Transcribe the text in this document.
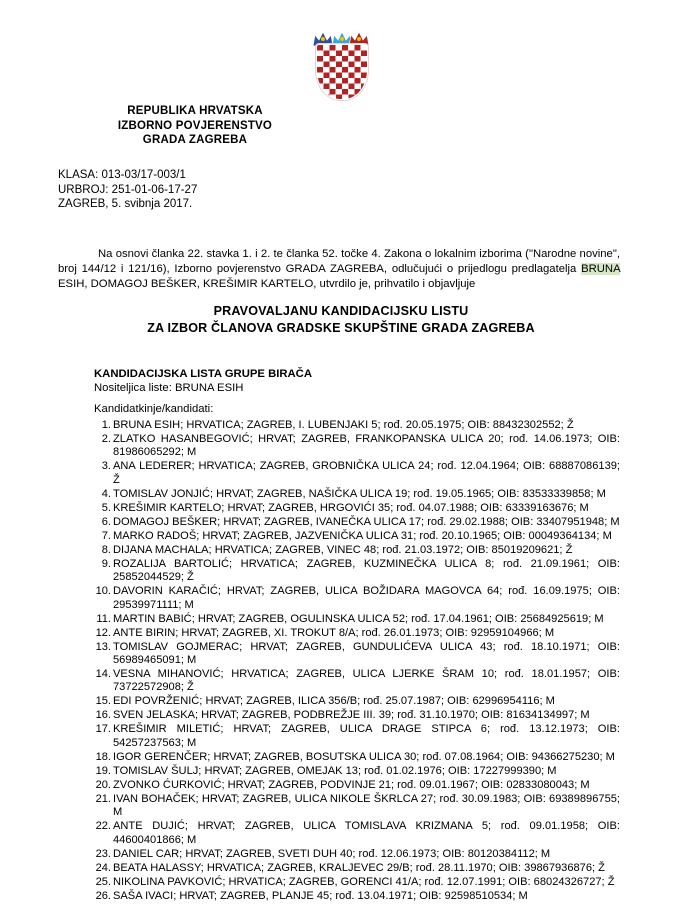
REPUBLIKA HRVATSKA
IZBORNO POVJERENSTVO
GRADA ZAGREBA
KLASA: 013-03/17-003/1
URBROJ: 251-01-06-17-27
ZAGREB, 5. svibnja 2017.

Na osnovi članka 22. stavka 1. i 2. te članka 52. točke 4. Zakona o lokalnim izborima ("Narodne novine", broj 144/12 i 121/16), Izborno povjerenstvo GRADA ZAGREBA, odlučujući o prijedlogu predlagatelja BRUNA ESIH, DOMAGOJ BEŠKER, KREŠIMIR KARTELO, utvrdilo je, prihvatilo i objavljuje

PRAVOVALJANU KANDIDACIJSKU LISTU
ZA IZBOR ČLANOVA GRADSKE SKUPŠTINE GRADA ZAGREBA
KANDIDACIJSKA LISTA GRUPE BIRAČA
Nositeljica liste: BRUNA ESIH
Kandidatkinje/kandidati:
1. BRUNA ESIH; HRVATICA; ZAGREB, I. LUBENJAKI 5; rođ. 20.05.1975; OIB: 88432302552; Ž
2. ZLATKO HASANBEGOVIĆ; HRVAT; ZAGREB, FRANKOPANSKA ULICA 20; rođ. 14.06.1973; OIB: 81986065292; M
3. ANA LEDERER; HRVATICA; ZAGREB, GROBNIČKA ULICA 24; rođ. 12.04.1964; OIB: 68887086139; Ž
4. TOMISLAV JONJIĆ; HRVAT; ZAGREB, NAŠIČKA ULICA 19; rođ. 19.05.1965; OIB: 83533339858; M
5. KREŠIMIR KARTELO; HRVAT; ZAGREB, HRGOVIĆI 35; rođ. 04.07.1988; OIB: 63339163676; M
6. DOMAGOJ BEŠKER; HRVAT; ZAGREB, IVANEČKA ULICA 17; rođ. 29.02.1988; OIB: 33407951948; M
7. MARKO RADOŠ; HRVAT; ZAGREB, JAZVENIČKA ULICA 31; rođ. 20.10.1965; OIB: 00049364134; M
8. DIJANA MACHALA; HRVATICA; ZAGREB, VINEC 48; rođ. 21.03.1972; OIB: 85019209621; Ž
9. ROZALIJA BARTOLIĆ; HRVATICA; ZAGREB, KUZMINEČKA ULICA 8; rođ. 21.09.1961; OIB: 25852044529; Ž
10. DAVORIN KARAČIĆ; HRVAT; ZAGREB, ULICA BOŽIDARA MAGOVCA 64; rođ. 16.09.1975; OIB: 29539971111; M
11. MARTIN BABIĆ; HRVAT; ZAGREB, OGULINSKA ULICA 52; rođ. 17.04.1961; OIB: 25684925619; M
12. ANTE BIRIN; HRVAT; ZAGREB, XI. TROKUT 8/A; rođ. 26.01.1973; OIB: 92959104966; M
13. TOMISLAV GOJMERAC; HRVAT; ZAGREB, GUNDULIĆEVA ULICA 43; rođ. 18.10.1971; OIB: 56989465091; M
14. VESNA MIHANOVIĆ; HRVATICA; ZAGREB, ULICA LJERKE ŠRAM 10; rođ. 18.01.1957; OIB: 73722572908; Ž
15. EDI POVRŽENIĆ; HRVAT; ZAGREB, ILICA 356/B; rođ. 25.07.1987; OIB: 62996954116; M
16. SVEN JELASKA; HRVAT; ZAGREB, PODBREŽJE III. 39; rođ. 31.10.1970; OIB: 81634134997; M
17. KREŠIMIR MILETIĆ; HRVAT; ZAGREB, ULICA DRAGE STIPCA 6; rođ. 13.12.1973; OIB: 54257237563; M
18. IGOR GERENČER; HRVAT; ZAGREB, BOSUTSKA ULICA 30; rođ. 07.08.1964; OIB: 94366275230; M
19. TOMISLAV ŠULJ; HRVAT; ZAGREB, OMEJAK 13; rođ. 01.02.1976; OIB: 17227999390; M
20. ZVONKO ĆURKOVIĆ; HRVAT; ZAGREB, PODVINJE 21; rođ. 09.01.1967; OIB: 02833080043; M
21. IVAN BOHAČEK; HRVAT; ZAGREB, ULICA NIKOLE ŠKRLCA 27; rođ. 30.09.1983; OIB: 69389896755; M
22. ANTE DUJIĆ; HRVAT; ZAGREB, ULICA TOMISLAVA KRIZMANA 5; rođ. 09.01.1958; OIB: 44600401866; M
23. DANIEL CAR; HRVAT; ZAGREB, SVETI DUH 40; rođ. 12.06.1973; OIB: 80120384112; M
24. BEATA HALASSY; HRVATICA; ZAGREB, KRALJEVEC 29/B; rođ. 28.11.1970; OIB: 39867936876; Ž
25. NIKOLINA PAVKOVIĆ; HRVATICA; ZAGREB, GORENCI 41/A; rođ. 12.07.1991; OIB: 68024326727; Ž
26. SAŠA IVACI; HRVAT; ZAGREB, PLANJE 45; rođ. 13.04.1971; OIB: 92598510534; M
